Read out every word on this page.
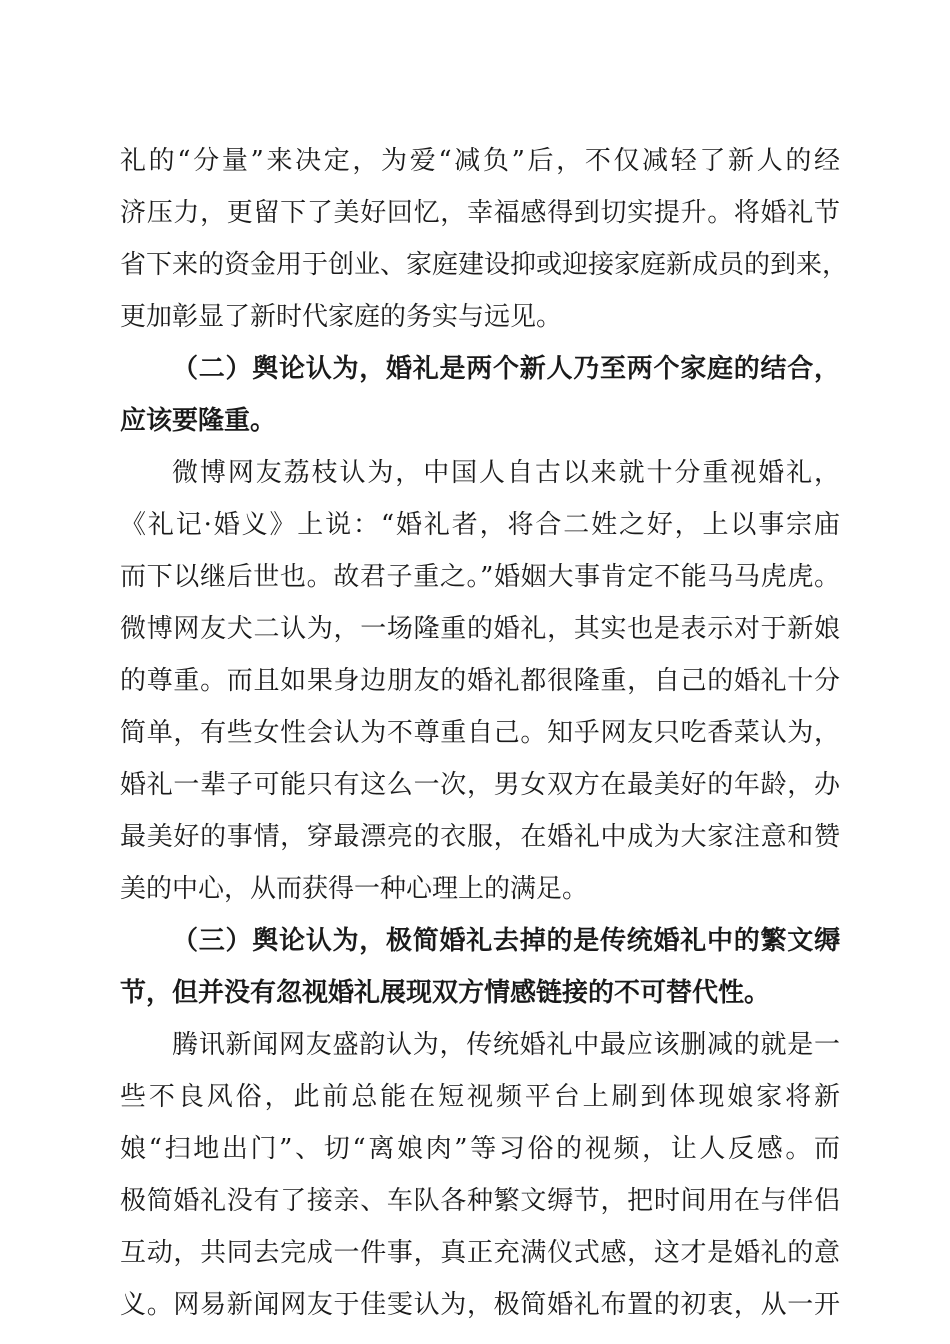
礼的“分量”来决定，为爱“减负”后，不仅减轻了新人的经
济压力，更留下了美好回忆，幸福感得到切实提升。将婚礼节
省下来的资金用于创业、家庭建设抑或迎接家庭新成员的到来，
更加彰显了新时代家庭的务实与远见。
（二）舆论认为，婚礼是两个新人乃至两个家庭的结合，
应该要隆重。
微博网友荔枝认为，中国人自古以来就十分重视婚礼，
《礼记·婚义》上说：“婚礼者，将合二姓之好，上以事宗庙
而下以继后世也。故君子重之。”婚姻大事肯定不能马马虎虎。
微博网友犬二认为，一场隆重的婚礼，其实也是表示对于新娘
的尊重。而且如果身边朋友的婚礼都很隆重，自己的婚礼十分
简单，有些女性会认为不尊重自己。知乎网友只吃香菜认为，
婚礼一辈子可能只有这么一次，男女双方在最美好的年龄，办
最美好的事情，穿最漂亮的衣服，在婚礼中成为大家注意和赞
美的中心，从而获得一种心理上的满足。
（三）舆论认为，极简婚礼去掉的是传统婚礼中的繁文缛
节，但并没有忽视婚礼展现双方情感链接的不可替代性。
腾讯新闻网友盛韵认为，传统婚礼中最应该删减的就是一
些不良风俗，此前总能在短视频平台上刷到体现娘家将新
娘“扫地出门”、切“离娘肉”等习俗的视频，让人反感。而
极简婚礼没有了接亲、车队各种繁文缛节，把时间用在与伴侣
互动，共同去完成一件事，真正充满仪式感，这才是婚礼的意
义。网易新闻网友于佳雯认为，极简婚礼布置的初衷，从一开
